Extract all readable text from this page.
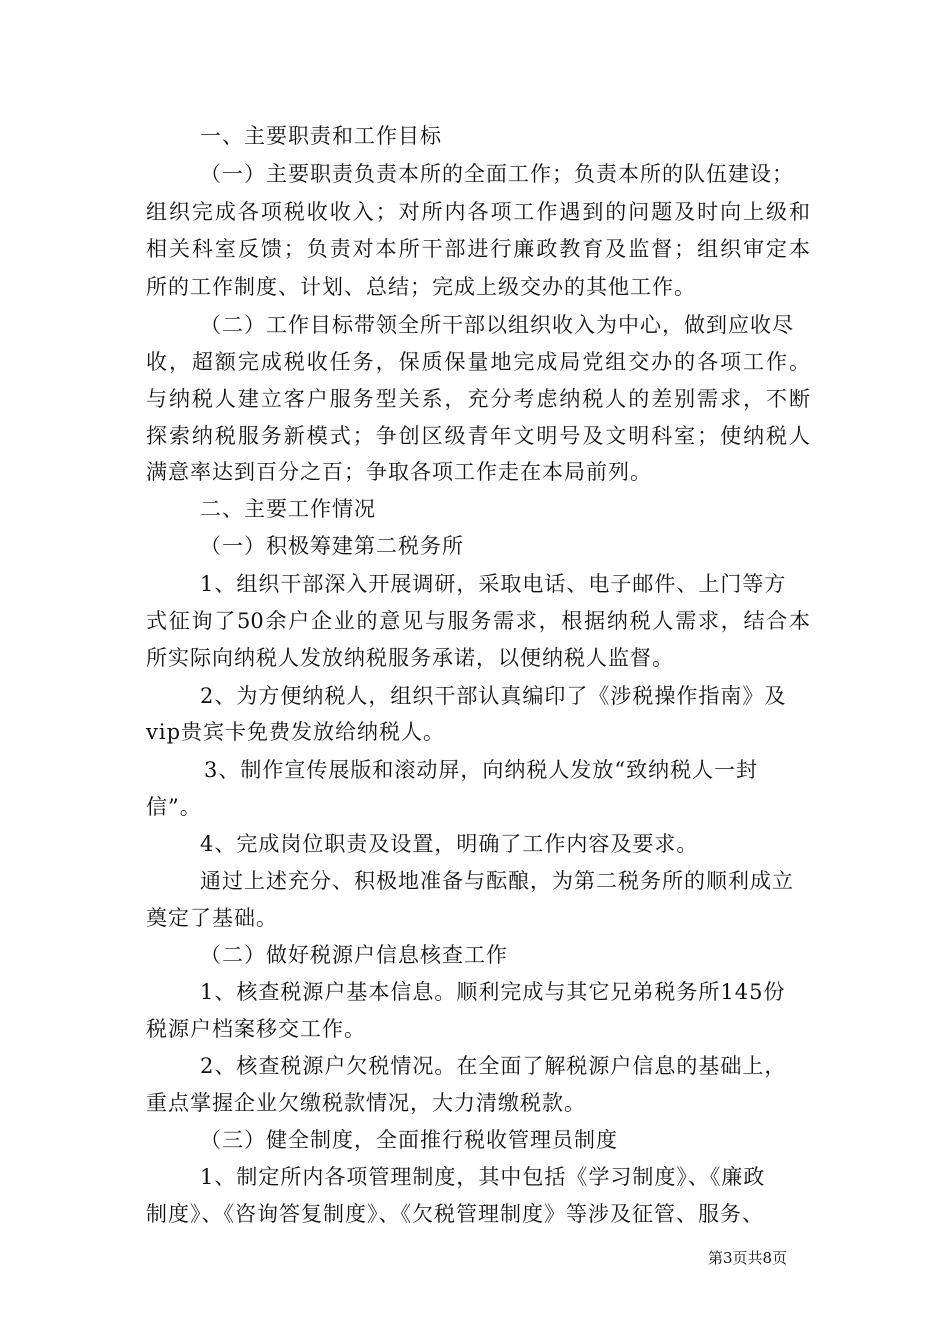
一、主要职责和工作目标
（一）主要职责负责本所的全面工作；负责本所的队伍建设；
组织完成各项税收收入；对所内各项工作遇到的问题及时向上级和
相关科室反馈；负责对本所干部进行廉政教育及监督；组织审定本
所的工作制度、计划、总结；完成上级交办的其他工作。
（二）工作目标带领全所干部以组织收入为中心，做到应收尽
收，超额完成税收任务，保质保量地完成局党组交办的各项工作。
与纳税人建立客户服务型关系，充分考虑纳税人的差别需求，不断
探索纳税服务新模式；争创区级青年文明号及文明科室；使纳税人
满意率达到百分之百；争取各项工作走在本局前列。
二、主要工作情况
（一）积极筹建第二税务所
1、组织干部深入开展调研，采取电话、电子邮件、上门等方
式征询了50余户企业的意见与服务需求，根据纳税人需求，结合本
所实际向纳税人发放纳税服务承诺，以便纳税人监督。
2、为方便纳税人，组织干部认真编印了《涉税操作指南》及
vip贵宾卡免费发放给纳税人。
3、制作宣传展版和滚动屏，向纳税人发放“致纳税人一封
信”。
4、完成岗位职责及设置，明确了工作内容及要求。
通过上述充分、积极地准备与酝酿，为第二税务所的顺利成立
奠定了基础。
（二）做好税源户信息核查工作
1、核查税源户基本信息。顺利完成与其它兄弟税务所145份
税源户档案移交工作。
2、核查税源户欠税情况。在全面了解税源户信息的基础上，
重点掌握企业欠缴税款情况，大力清缴税款。
（三）健全制度，全面推行税收管理员制度
1、制定所内各项管理制度，其中包括《学习制度》、《廉政
制度》、《咨询答复制度》、《欠税管理制度》等涉及征管、服务、
第3页共8页
